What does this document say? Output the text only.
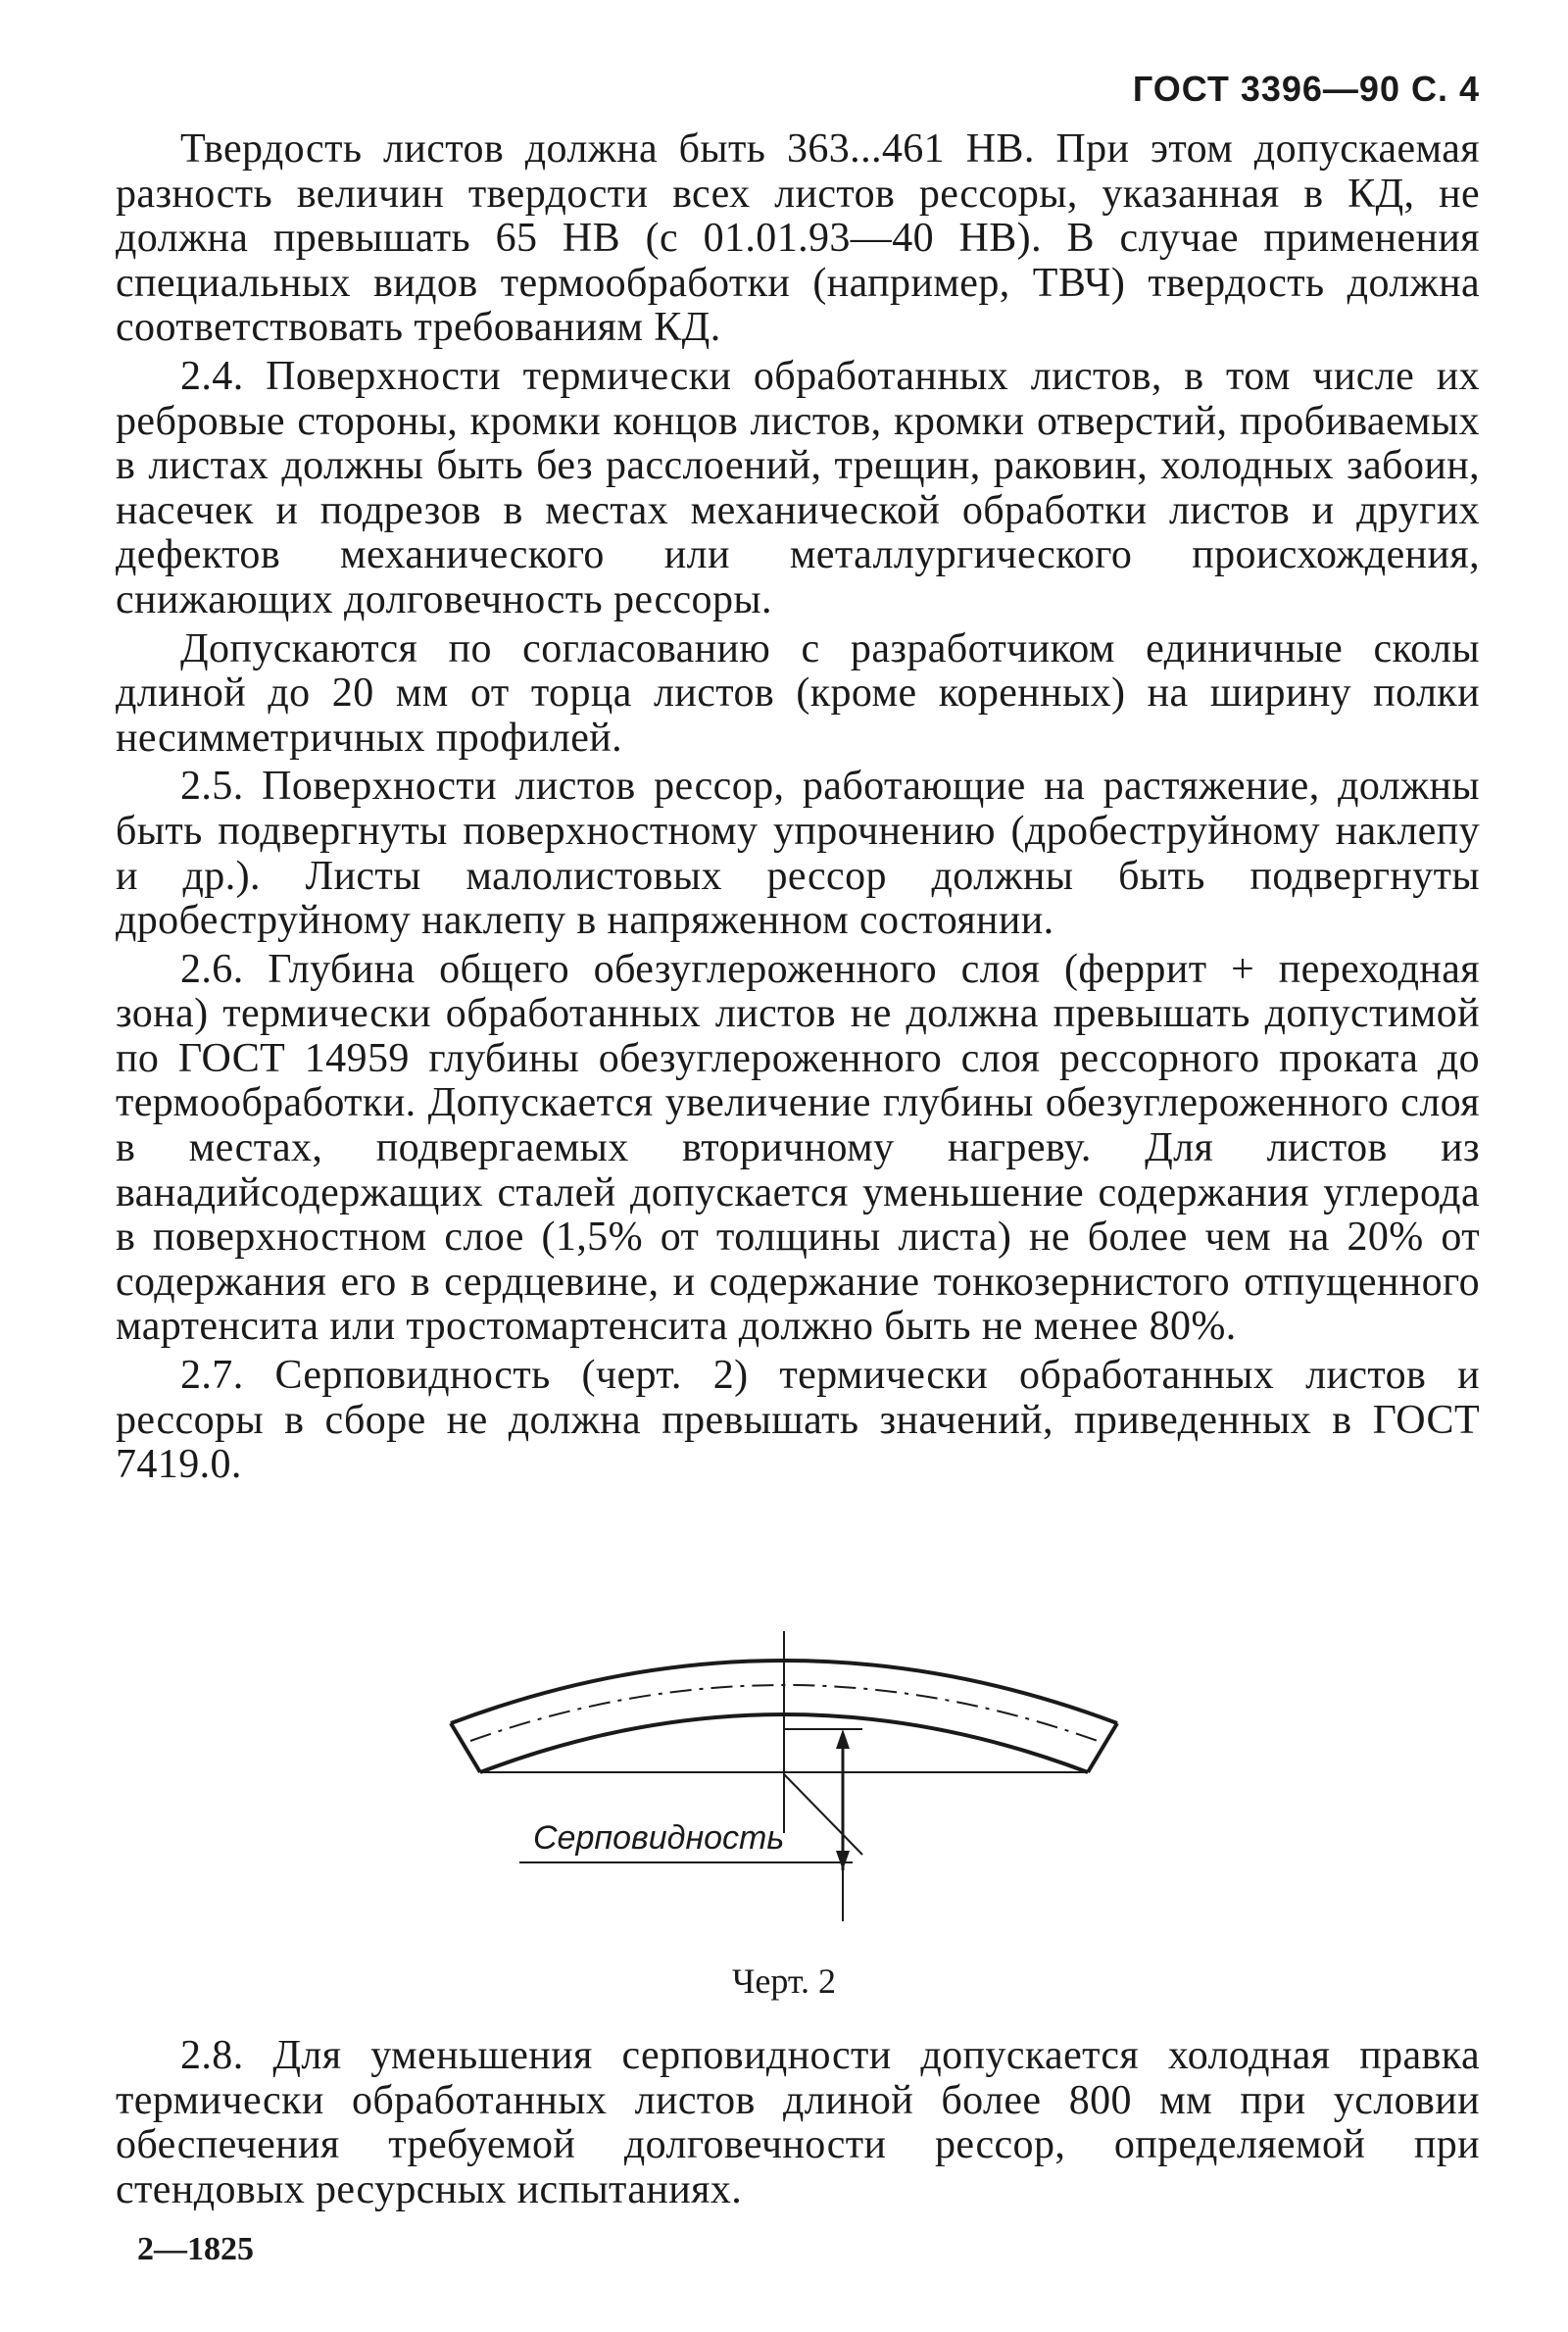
ГОСТ 3396—90 С. 4

Твердость листов должна быть 363...461 НВ. При этом допускаемая разность величин твердости всех листов рессоры, указанная в КД, не должна превышать 65 НВ (с 01.01.93—40 НВ). В случае применения специальных видов термообработки (например, ТВЧ) твердость должна соответствовать требованиям КД.

2.4. Поверхности термически обработанных листов, в том числе их ребровые стороны, кромки концов листов, кромки отверстий, пробиваемых в листах должны быть без расслоений, трещин, раковин, холодных забоин, насечек и подрезов в местах механической обработки листов и других дефектов механического или металлургического происхождения, снижающих долговечность рессоры.

Допускаются по согласованию с разработчиком единичные сколы длиной до 20 мм от торца листов (кроме коренных) на ширину полки несимметричных профилей.

2.5. Поверхности листов рессор, работающие на растяжение, должны быть подвергнуты поверхностному упрочнению (дробеструйному наклепу и др.). Листы малолистовых рессор должны быть подвергнуты дробеструйному наклепу в напряженном состоянии.

2.6. Глубина общего обезуглероженного слоя (феррит + переходная зона) термически обработанных листов не должна превышать допустимой по ГОСТ 14959 глубины обезуглероженного слоя рессорного проката до термообработки. Допускается увеличение глубины обезуглероженного слоя в местах, подвергаемых вторичному нагреву. Для листов из ванадийсодержащих сталей допускается уменьшение содержания углерода в поверхностном слое (1,5% от толщины листа) не более чем на 20% от содержания его в сердцевине, и содержание тонкозернистого отпущенного мартенсита или тростомартенсита должно быть не менее 80%.

2.7. Серповидность (черт. 2) термически обработанных листов и рессоры в сборе не должна превышать значений, приведенных в ГОСТ 7419.0.

Серповидность
Черт. 2

2.8. Для уменьшения серповидности допускается холодная правка термически обработанных листов длиной более 800 мм при условии обеспечения требуемой долговечности рессор, определяемой при стендовых ресурсных испытаниях.

2—1825
